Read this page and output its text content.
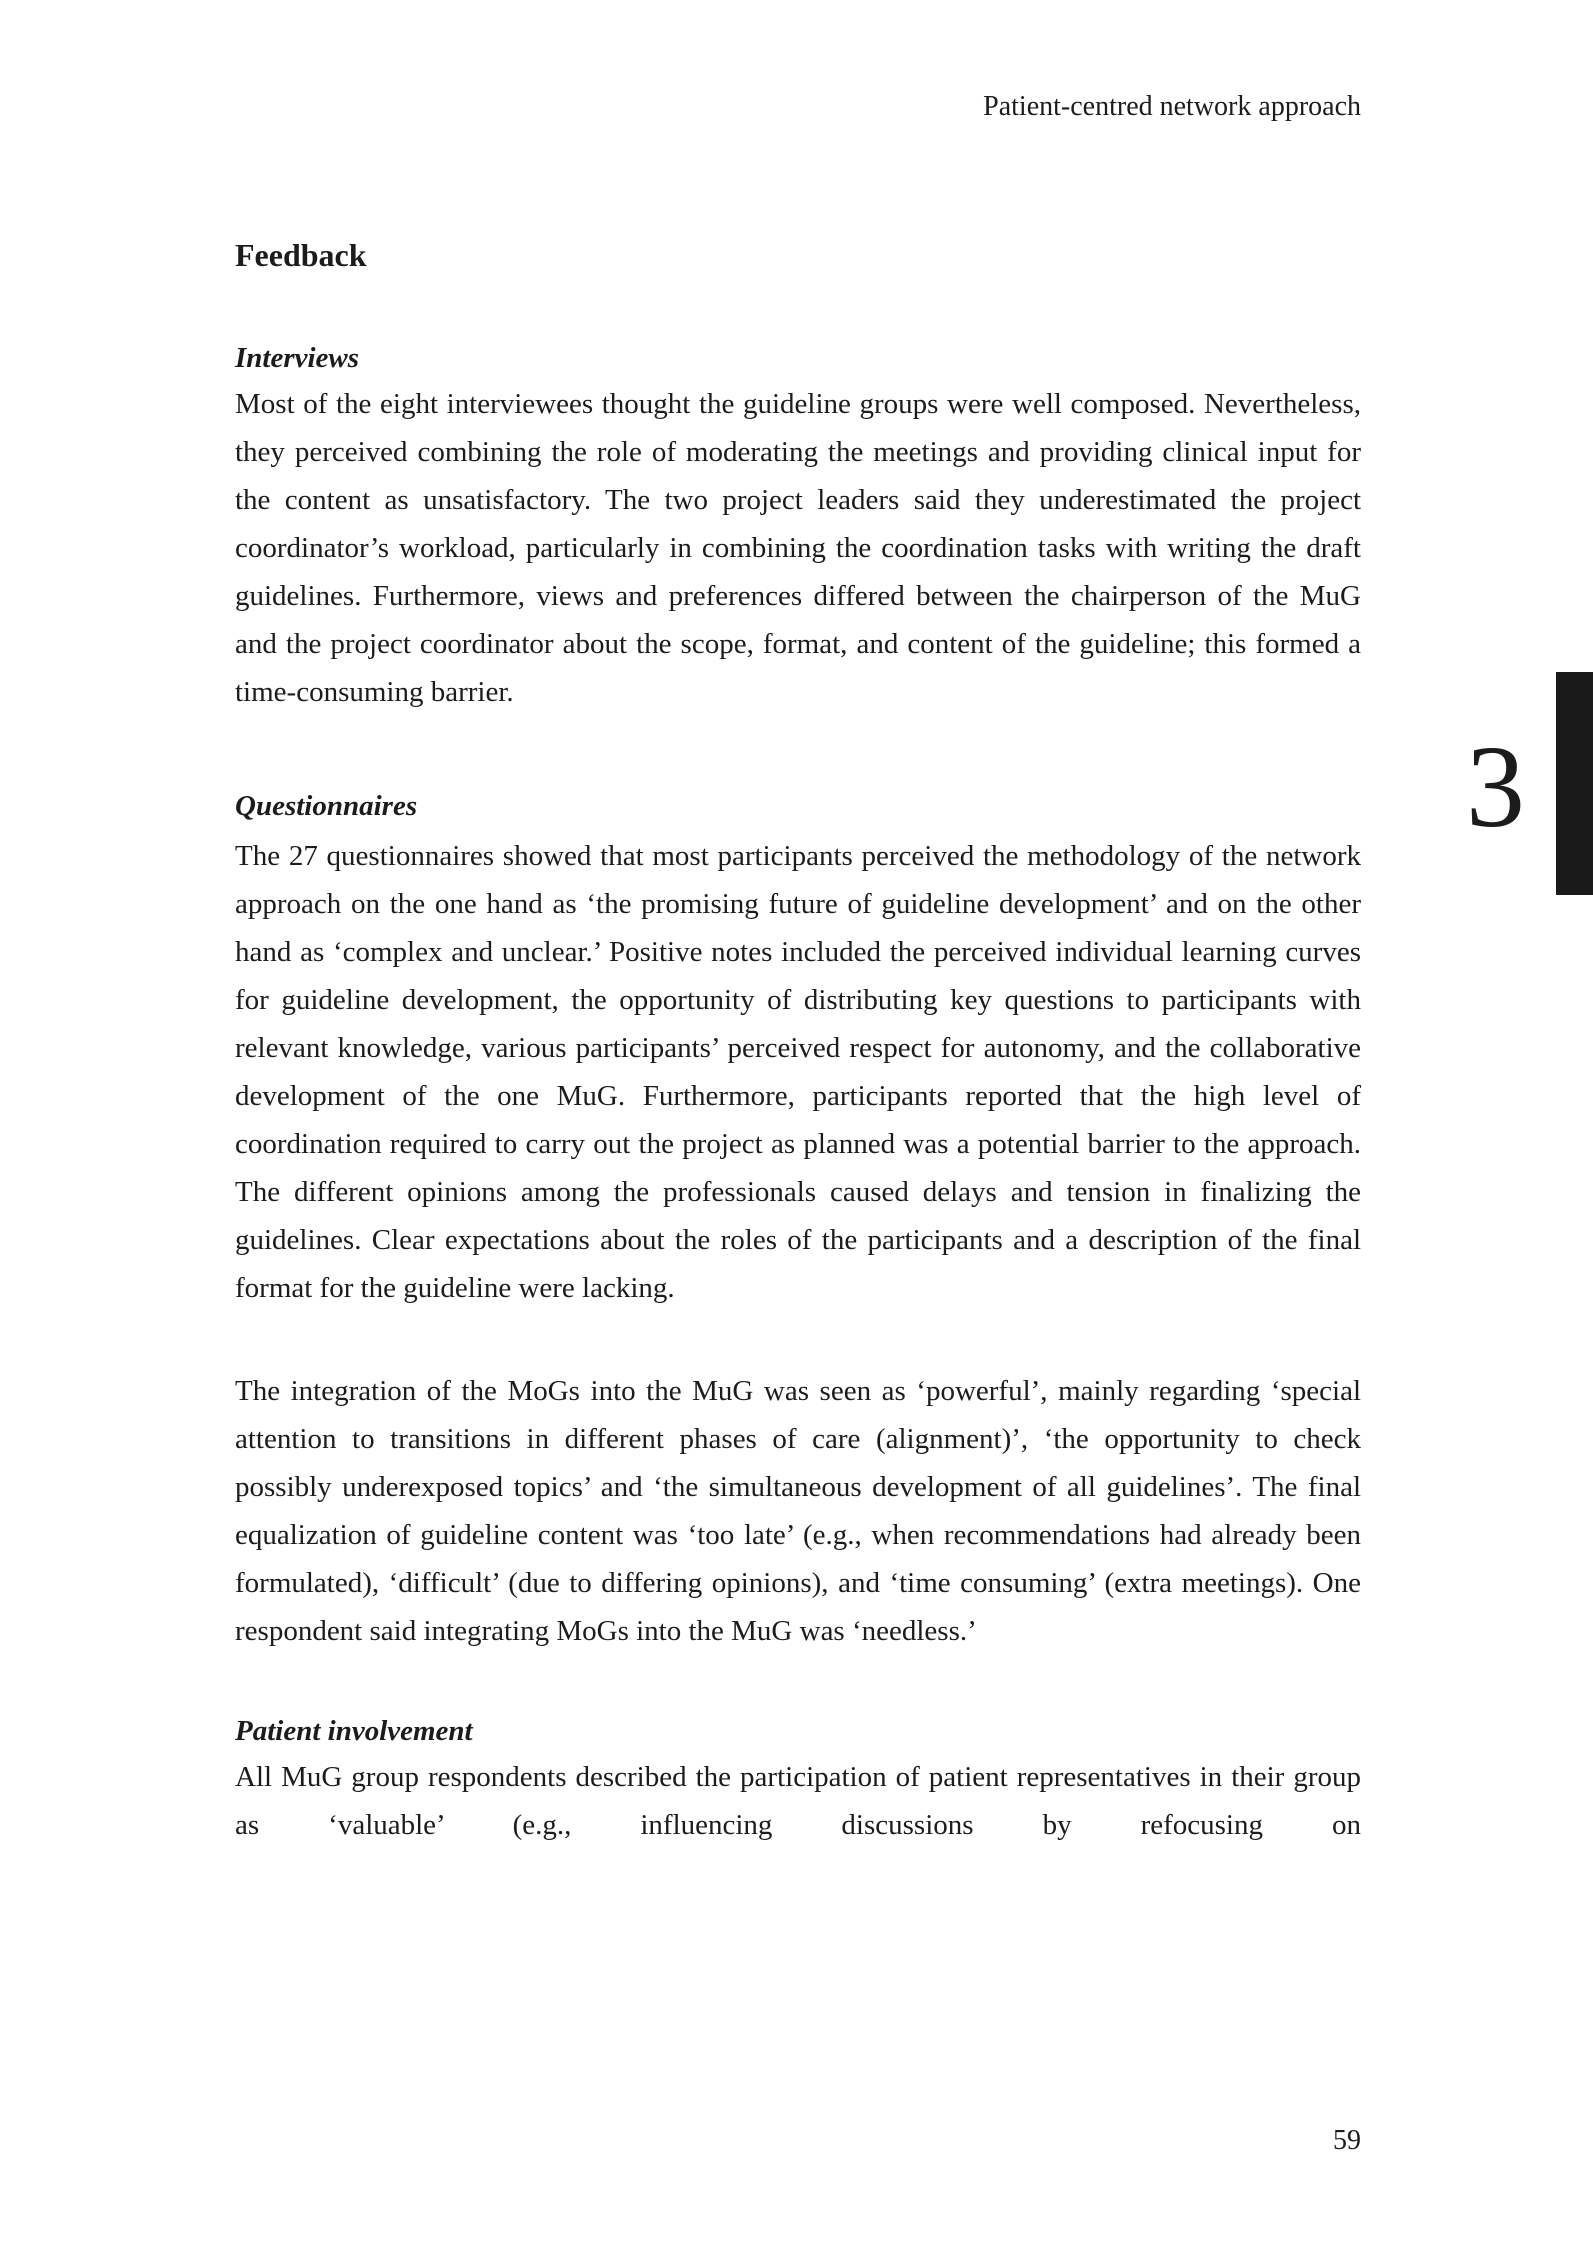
Patient-centred network approach
3
Feedback
Interviews

Most of the eight interviewees thought the guideline groups were well composed. Nevertheless, they perceived combining the role of moderating the meetings and providing clinical input for the content as unsatisfactory. The two project leaders said they underestimated the project coordinator’s workload, particularly in combining the coordination tasks with writing the draft guidelines. Furthermore, views and preferences differed between the chairperson of the MuG and the project coordinator about the scope, format, and content of the guideline; this formed a time-consuming barrier.

Questionnaires

The 27 questionnaires showed that most participants perceived the methodology of the network approach on the one hand as ‘the promising future of guideline development’ and on the other hand as ‘complex and unclear.’ Positive notes included the perceived individual learning curves for guideline development, the opportunity of distributing key questions to participants with relevant knowledge, various participants’ perceived respect for autonomy, and the collaborative development of the one MuG. Furthermore, participants reported that the high level of coordination required to carry out the project as planned was a potential barrier to the approach. The different opinions among the professionals caused delays and tension in finalizing the guidelines. Clear expectations about the roles of the participants and a description of the final format for the guideline were lacking.

The integration of the MoGs into the MuG was seen as ‘powerful’, mainly regarding ‘special attention to transitions in different phases of care (alignment)’, ‘the opportunity to check possibly underexposed topics’ and ‘the simultaneous development of all guidelines’. The final equalization of guideline content was ‘too late’ (e.g., when recommendations had already been formulated), ‘difficult’ (due to differing opinions), and ‘time consuming’ (extra meetings). One respondent said integrating MoGs into the MuG was ‘needless.’

Patient involvement

All MuG group respondents described the participation of patient representatives in their group as ‘valuable’ (e.g., influencing discussions by refocusing on

59
